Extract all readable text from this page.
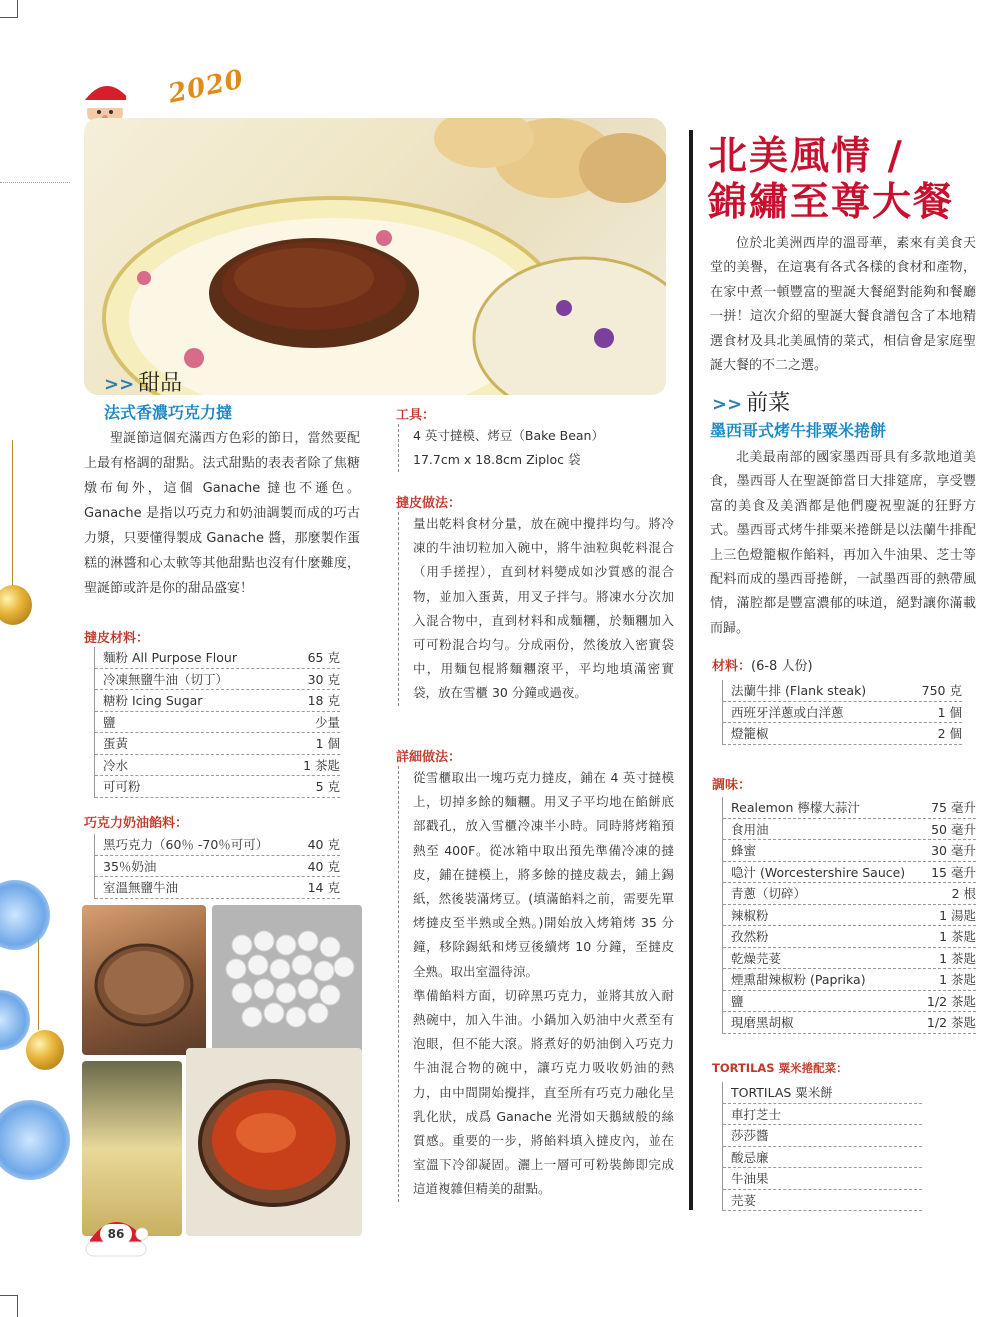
2020
>> 甜品
法式香濃巧克力撻
聖誕節這個充滿西方色彩的節日，當然要配上最有格調的甜點。法式甜點的表表者除了焦糖燉布甸外，這個 Ganache 撻也不遜色。Ganache 是指以巧克力和奶油調製而成的巧古力漿，只要懂得製成 Ganache 醬，那麼製作蛋糕的淋醬和心太軟等其他甜點也沒有什麼難度，聖誕節或許是你的甜品盛宴！
撻皮材料：
麵粉 All Purpose Flour	65 克
冷凍無鹽牛油（切丁）	30 克
糖粉 Icing Sugar	18 克
鹽	少量
蛋黃	1 個
冷水	1 茶匙
可可粉	5 克
巧克力奶油餡料：
黑巧克力（60％ -70％可可）	40 克
35％奶油	40 克
室溫無鹽牛油	14 克
86
工具：
4 英寸撻模、烤豆（Bake Bean）
17.7cm x 18.8cm Ziploc 袋
撻皮做法：
量出乾料食材分量，放在碗中攪拌均勻。將冷凍的牛油切粒加入碗中，將牛油粒與乾料混合（用手搓捏），直到材料變成如沙質感的混合物，並加入蛋黃，用叉子拌勻。將凍水分次加入混合物中，直到材料和成麵糰，於麵糰加入可可粉混合均勻。分成兩份，然後放入密實袋中，用麵包棍將麵糰滾平，平均地填滿密實袋，放在雪櫃 30 分鐘或過夜。
詳細做法：
從雪櫃取出一塊巧克力撻皮，鋪在 4 英寸撻模上，切掉多餘的麵糰。用叉子平均地在餡餅底部戳孔，放入雪櫃冷凍半小時。同時將烤箱預熱至 400F。從冰箱中取出預先準備冷凍的撻皮，鋪在撻模上，將多餘的撻皮裁去，鋪上錫紙，然後裝滿烤豆。(填滿餡料之前，需要先單烤撻皮至半熟或全熟。)開始放入烤箱烤 35 分鐘，移除錫紙和烤豆後續烤 10 分鐘，至撻皮全熟。取出室溫待涼。
準備餡料方面，切碎黑巧克力，並將其放入耐熱碗中，加入牛油。小鍋加入奶油中火煮至有泡眼，但不能大滾。將煮好的奶油倒入巧克力牛油混合物的碗中，讓巧克力吸收奶油的熱力，由中間開始攪拌，直至所有巧克力融化呈乳化狀，成爲 Ganache 光滑如天鵝絨般的絲質感。重要的一步，將餡料填入撻皮內，並在室溫下冷卻凝固。灑上一層可可粉裝飾即完成這道複雜但精美的甜點。
北美風情 /
錦繡至尊大餐
位於北美洲西岸的溫哥華，素來有美食天堂的美譽，在這裏有各式各樣的食材和產物，在家中煮一頓豐富的聖誕大餐絕對能夠和餐廳一拼！這次介紹的聖誕大餐食譜包含了本地精選食材及具北美風情的菜式，相信會是家庭聖誕大餐的不二之選。
>> 前菜
墨西哥式烤牛排粟米捲餅
北美最南部的國家墨西哥具有多款地道美食，墨西哥人在聖誕節當日大排筵席，享受豐富的美食及美酒都是他們慶祝聖誕的狂野方式。墨西哥式烤牛排粟米捲餅是以法蘭牛排配上三色燈籠椒作餡料，再加入牛油果、芝士等配料而成的墨西哥捲餅，一試墨西哥的熱帶風情，滿腔都是豐富濃郁的味道，絕對讓你滿載而歸。
材料：(6-8 人份)
法蘭牛排 (Flank steak)	750 克
西班牙洋蔥或白洋蔥	1 個
燈籠椒	2 個
調味：
Realemon 檸檬大蒜汁	75 毫升
食用油	50 毫升
蜂蜜	30 毫升
喼汁 (Worcestershire Sauce) 15 毫升
青蔥（切碎）	2 根
辣椒粉	1 湯匙
孜然粉	1 茶匙
乾燥芫荽	1 茶匙
煙熏甜辣椒粉 (Paprika)	1 茶匙
鹽	1/2 茶匙
現磨黑胡椒	1/2 茶匙
TORTILAS 粟米捲配菜：
TORTILAS 粟米餅
車打芝士
莎莎醬
酸忌廉
牛油果
芫荽
